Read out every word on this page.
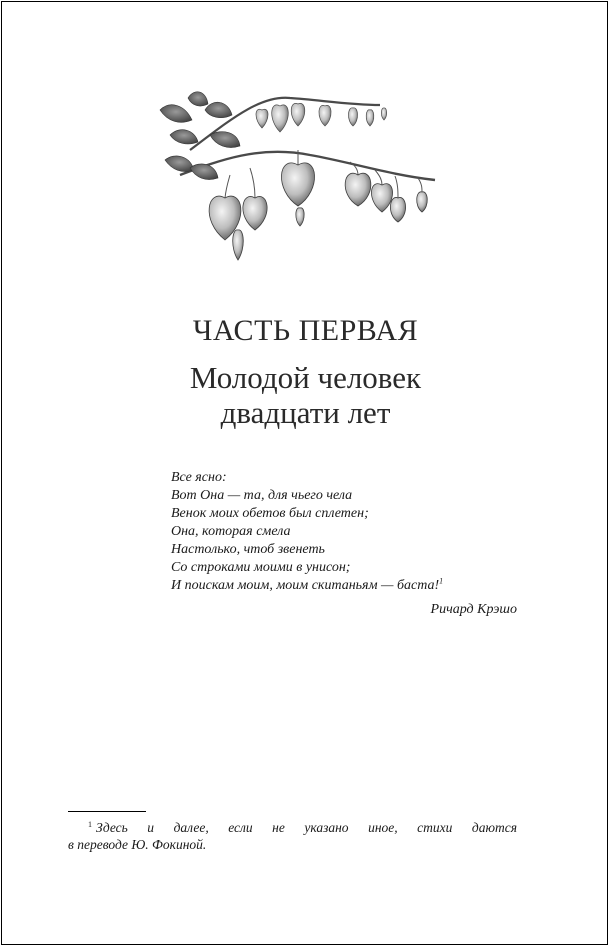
ЧАСТЬ ПЕРВАЯ
Молодой человек
двадцати лет
Все ясно:
Вот Она — та, для чьего чела
Венок моих обетов был сплетен;
Она, которая смела
Настолько, чтоб звенеть
Со строками моими в унисон;
И поискам моим, моим скитаньям — баста!$^1$
Ричард Крэшо
$^1$ Здесь и далее, если не указано иное, стихи даются
в переводе Ю. Фокиной.
